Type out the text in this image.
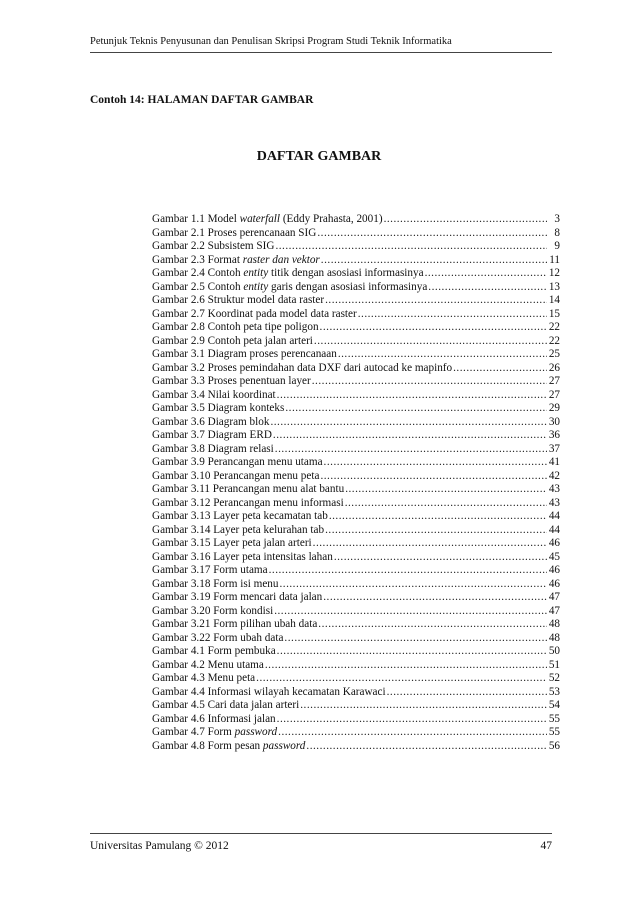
Petunjuk Teknis Penyusunan dan Penulisan Skripsi Program Studi Teknik Informatika
Contoh 14: HALAMAN DAFTAR GAMBAR
DAFTAR GAMBAR
Gambar 1.1 Model waterfall (Eddy Prahasta, 2001) .....	3
Gambar 2.1 Proses perencanaan SIG .....	8
Gambar 2.2 Subsistem SIG .....	9
Gambar 2.3 Format raster dan vektor .....	11
Gambar 2.4 Contoh entity titik dengan asosiasi informasinya .....	12
Gambar 2.5 Contoh entity garis dengan asosiasi informasinya .....	13
Gambar 2.6 Struktur model data raster .....	14
Gambar 2.7 Koordinat pada model data raster .....	15
Gambar 2.8 Contoh peta tipe poligon .....	22
Gambar 2.9 Contoh peta jalan arteri .....	22
Gambar 3.1 Diagram proses perencanaan .....	25
Gambar 3.2 Proses pemindahan data DXF dari autocad ke mapinfo .....	26
Gambar 3.3 Proses penentuan layer .....	27
Gambar 3.4 Nilai koordinat .....	27
Gambar 3.5 Diagram konteks .....	29
Gambar 3.6 Diagram blok .....	30
Gambar 3.7 Diagram ERD .....	36
Gambar 3.8 Diagram relasi .....	37
Gambar 3.9 Perancangan menu utama .....	41
Gambar 3.10 Perancangan menu peta .....	42
Gambar 3.11 Perancangan menu alat bantu .....	43
Gambar 3.12 Perancangan menu informasi .....	43
Gambar 3.13 Layer peta kecamatan tab .....	44
Gambar 3.14 Layer peta kelurahan tab .....	44
Gambar 3.15 Layer peta jalan arteri .....	46
Gambar 3.16 Layer peta intensitas lahan .....	45
Gambar 3.17 Form utama .....	46
Gambar 3.18 Form isi menu .....	46
Gambar 3.19 Form mencari data jalan .....	47
Gambar 3.20 Form kondisi .....	47
Gambar 3.21 Form pilihan ubah data .....	48
Gambar 3.22 Form ubah data .....	48
Gambar 4.1 Form pembuka .....	50
Gambar 4.2 Menu utama .....	51
Gambar 4.3 Menu peta .....	52
Gambar 4.4 Informasi wilayah kecamatan Karawaci .....	53
Gambar 4.5 Cari data jalan arteri .....	54
Gambar 4.6 Informasi jalan .....	55
Gambar 4.7 Form password .....	55
Gambar 4.8 Form pesan password .....	56
Universitas Pamulang © 2012	47
